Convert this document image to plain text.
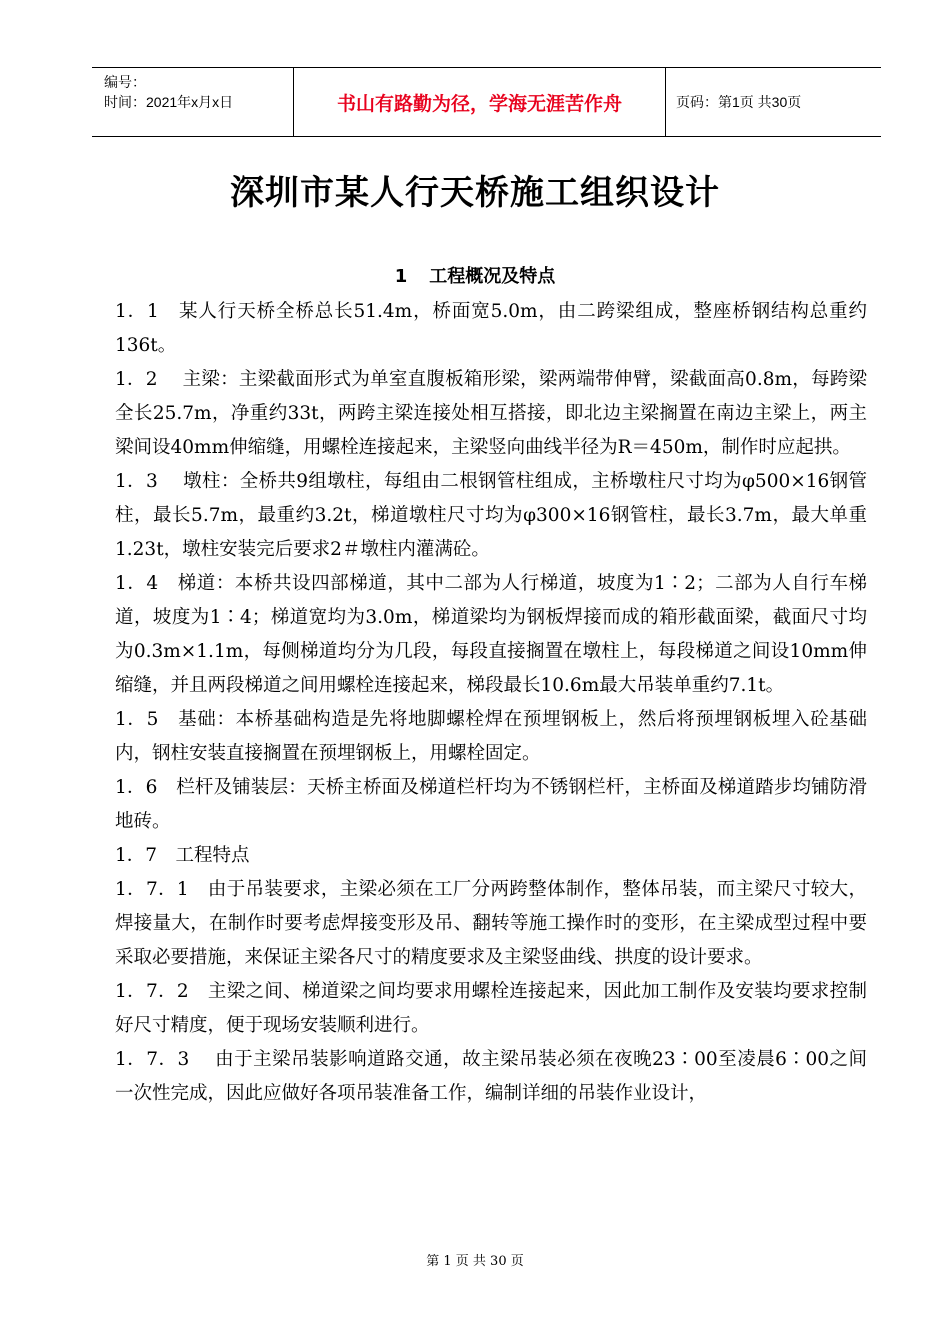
编号：
时间：2021年x月x日	书山有路勤为径，学海无涯苦作舟	页码：第1页 共30页
深圳市某人行天桥施工组织设计
1 工程概况及特点

1．1　某人行天桥全桥总长51.4m，桥面宽5.0m，由二跨梁组成，整座桥钢结构总重约136t。

1．2　 主梁：主梁截面形式为单室直腹板箱形梁，梁两端带伸臂，梁截面高0.8m，每跨梁全长25.7m，净重约33t，两跨主梁连接处相互搭接，即北边主梁搁置在南边主梁上，两主梁间设40mm伸缩缝，用螺栓连接起来，主梁竖向曲线半径为R＝450m，制作时应起拱。

1．3　 墩柱：全桥共9组墩柱，每组由二根钢管柱组成，主桥墩柱尺寸均为φ500×16钢管柱，最长5.7m，最重约3.2t，梯道墩柱尺寸均为φ300×16钢管柱，最长3.7m，最大单重1.23t，墩柱安装完后要求2＃墩柱内灌满砼。

1．4　梯道：本桥共设四部梯道，其中二部为人行梯道，坡度为1∶2；二部为人自行车梯道，坡度为1∶4；梯道宽均为3.0m，梯道梁均为钢板焊接而成的箱形截面梁，截面尺寸均为0.3m×1.1m，每侧梯道均分为几段，每段直接搁置在墩柱上，每段梯道之间设10mm伸缩缝，并且两段梯道之间用螺栓连接起来，梯段最长10.6m最大吊装单重约7.1t。

1．5　基础：本桥基础构造是先将地脚螺栓焊在预埋钢板上，然后将预埋钢板埋入砼基础内，钢柱安装直接搁置在预埋钢板上，用螺栓固定。

1．6　栏杆及铺装层：天桥主桥面及梯道栏杆均为不锈钢栏杆，主桥面及梯道踏步均铺防滑地砖。

1．7　工程特点

1．7．1　由于吊装要求，主梁必须在工厂分两跨整体制作，整体吊装，而主梁尺寸较大，焊接量大，在制作时要考虑焊接变形及吊、翻转等施工操作时的变形，在主梁成型过程中要采取必要措施，来保证主梁各尺寸的精度要求及主梁竖曲线、拱度的设计要求。

1．7．2　主梁之间、梯道梁之间均要求用螺栓连接起来，因此加工制作及安装均要求控制好尺寸精度，便于现场安装顺利进行。

1．7．3　 由于主梁吊装影响道路交通，故主梁吊装必须在夜晚23∶00至凌晨6∶00之间一次性完成，因此应做好各项吊装准备工作，编制详细的吊装作业设计，

第 1 页 共 30 页
